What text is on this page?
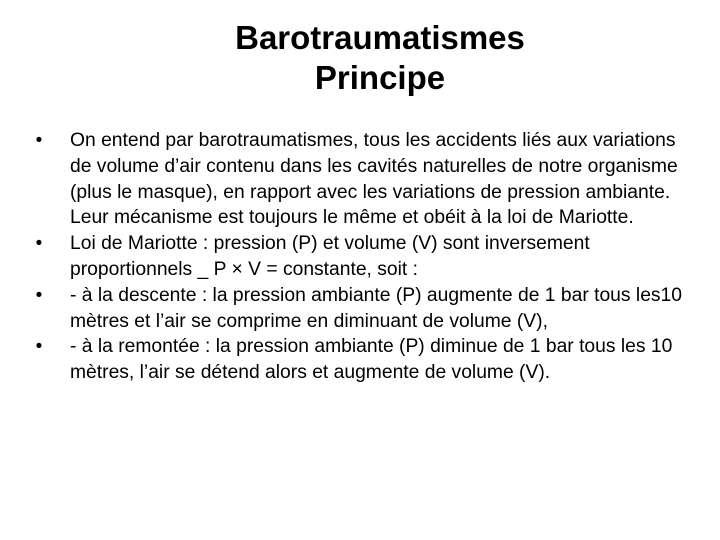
Barotraumatismes
Principe
• On entend par barotraumatismes, tous les accidents liés aux variations de volume d’air contenu dans les cavités naturelles de notre organisme (plus le masque), en rapport avec les variations de pression ambiante. Leur mécanisme est toujours le même et obéit à la loi de Mariotte.
• Loi de Mariotte : pression (P) et volume (V) sont inversement proportionnels _ P × V = constante, soit :
• - à la descente : la pression ambiante (P) augmente de 1 bar tous les10 mètres et l’air se comprime en diminuant de volume (V),
• - à la remontée : la pression ambiante (P) diminue de 1 bar tous les 10 mètres, l’air se détend alors et augmente de volume (V).
